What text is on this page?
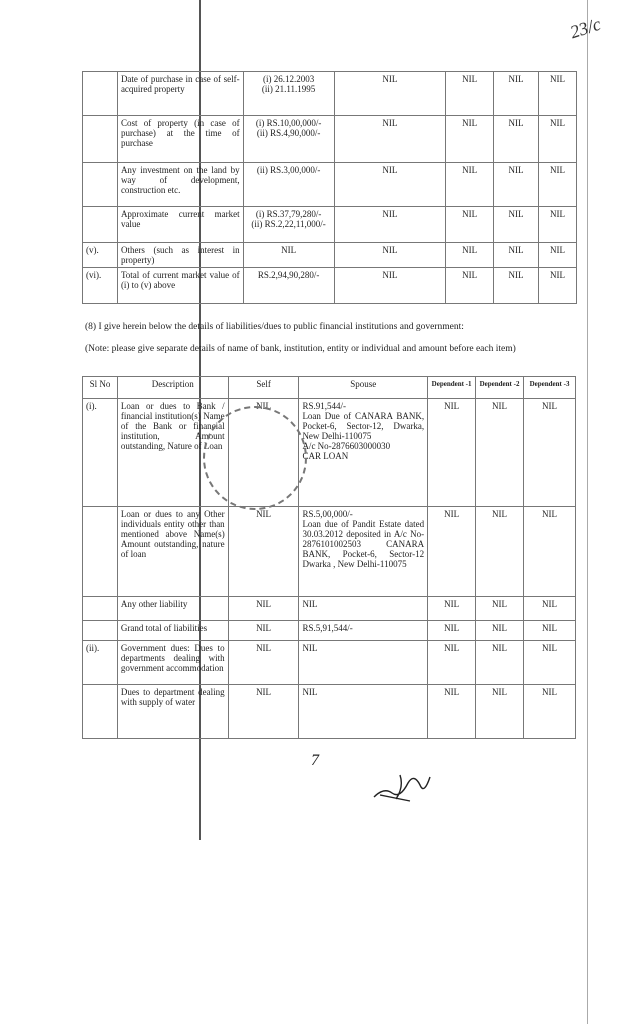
23/c
	Date of purchase in case of self- acquired property	(i) 26.12.2003
(ii) 21.11.1995	NIL	NIL	NIL	NIL
	Cost of property (in case of purchase) at the time of purchase	(i) RS.10,00,000/-
(ii) RS.4,90,000/-	NIL	NIL	NIL	NIL
	Any investment on the land by way of development, construction etc.	(ii) RS.3,00,000/-	NIL	NIL	NIL	NIL
	Approximate current market value	(i) RS.37,79,280/-
(ii) RS.2,22,11,000/-	NIL	NIL	NIL	NIL
(v).	Others (such as interest in property)	NIL	NIL	NIL	NIL	NIL
(vi).	Total of current market value of (i) to (v) above	RS.2,94,90,280/-	NIL	NIL	NIL	NIL
(8) I give herein below the details of liabilities/dues to public financial institutions and government:
(Note: please give separate details of name of bank, institution, entity or individual and amount before each item)
Sl No	Description	Self	Spouse	Dependent -1	Dependent -2	Dependent -3
(i).	Loan or dues to Bank / financial institution(s) Name of the Bank or financial institution, Amount outstanding, Nature of Loan	NIL	RS.91,544/-
Loan Due of CANARA BANK, Pocket-6, Sector-12, Dwarka, New Delhi-110075
A/c No-2876603000030
CAR LOAN	NIL	NIL	NIL
	Loan or dues to any Other individuals entity other than mentioned above Name(s) Amount outstanding, nature of loan	NIL	RS.5,00,000/-
Loan due of Pandit Estate dated 30.03.2012 deposited in A/c No- 2876101002503 CANARA BANK, Pocket-6, Sector-12 Dwarka , New Delhi-110075	NIL	NIL	NIL
	Any other liability	NIL	NIL	NIL	NIL	NIL
	Grand total of liabilities	NIL	RS.5,91,544/-	NIL	NIL	NIL
(ii).	Government dues: Dues to departments dealing with government accommodation	NIL	NIL	NIL	NIL	NIL
	Dues to department dealing with supply of water	NIL	NIL	NIL	NIL	NIL
7
